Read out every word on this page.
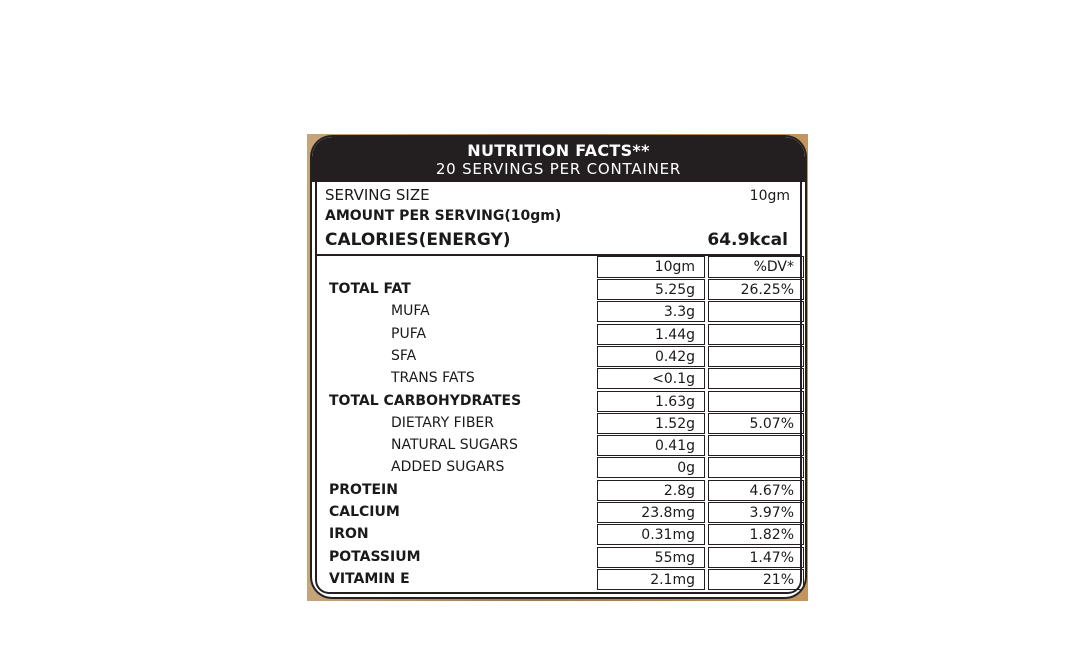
NUTRITION FACTS**
20 SERVINGS PER CONTAINER
SERVING SIZE	10gm
AMOUNT PER SERVING(10gm)
CALORIES(ENERGY)	64.9kcal
10gm	%DV*
TOTAL FAT	5.25g	26.25%
MUFA	3.3g
PUFA	1.44g
SFA	0.42g
TRANS FATS	<0.1g
TOTAL CARBOHYDRATES	1.63g
DIETARY FIBER	1.52g	5.07%
NATURAL SUGARS	0.41g
ADDED SUGARS	0g
PROTEIN	2.8g	4.67%
CALCIUM	23.8mg	3.97%
IRON	0.31mg	1.82%
POTASSIUM	55mg	1.47%
VITAMIN E	2.1mg	21%
